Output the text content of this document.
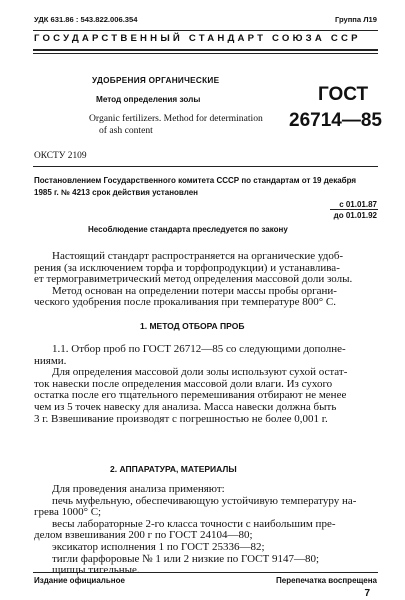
УДК 631.86 : 543.822.006.354	Группа Л19
ГОСУДАРСТВЕННЫЙ СТАНДАРТ СОЮЗА ССР
УДОБРЕНИЯ ОРГАНИЧЕСКИЕ
Метод определения золы
Organic fertilizers. Method for determination
of ash content
ГОСТ
26714—85
ОКСТУ 2109
Постановлением Государственного комитета СССР по стандартам от 19 декабря
1985 г. № 4213 срок действия установлен
с 01.01.87
до 01.01.92
Несоблюдение стандарта преследуется по закону
Настоящий стандарт распространяется на органические удоб-
рения (за исключением торфа и торфопродукции) и устанавлива-
ет термогравиметрический метод определения массовой доли золы.
Метод основан на определении потери массы пробы органи-
ческого удобрения после прокаливания при температуре 800° С.
1. МЕТОД ОТБОРА ПРОБ
1.1. Отбор проб по ГОСТ 26712—85 со следующими дополне-
ниями.
Для определения массовой доли золы используют сухой остат-
ток навески после определения массовой доли влаги. Из сухого
остатка после его тщательного перемешивания отбирают не менее
чем из 5 точек навеску для анализа. Масса навески должна быть
3 г. Взвешивание производят с погрешностью не более 0,001 г.
2. АППАРАТУРА, МАТЕРИАЛЫ
Для проведения анализа применяют:
печь муфельную, обеспечивающую устойчивую температуру на-
грева 1000° С;
весы лабораторные 2-го класса точности с наибольшим пре-
делом взвешивания 200 г по ГОСТ 24104—80;
эксикатор исполнения 1 по ГОСТ 25336—82;
тигли фарфоровые № 1 или 2 низкие по ГОСТ 9147—80;
щипцы тигельные.
Издание официальное	Перепечатка воспрещена
7
